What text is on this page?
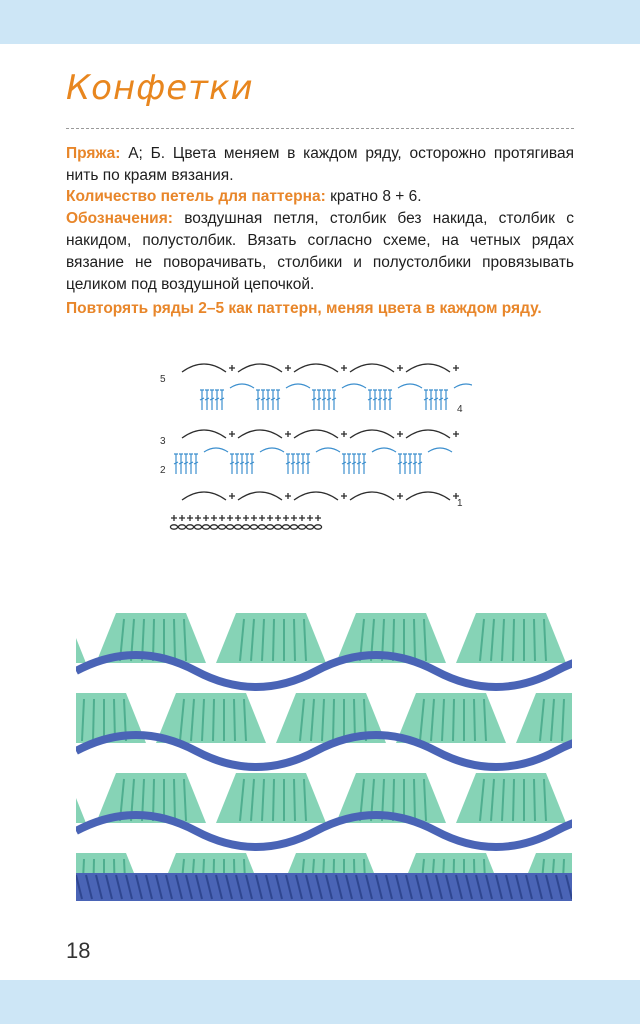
Конфетки
Пряжа: А; Б. Цвета меняем в каждом ряду, осторожно протягивая нить по краям вязания.
Количество петель для паттерна: кратно 8 + 6.
Обозначения: воздушная петля, столбик без накида, столбик с накидом, полустолбик. Вязать согласно схеме, на четных рядах вязание не поворачивать, столбики и полустолбики провязывать целиком под воздушной цепочкой.
Повторять ряды 2–5 как паттерн, меняя цвета в каждом ряду.
5
4
3
2
1
18
